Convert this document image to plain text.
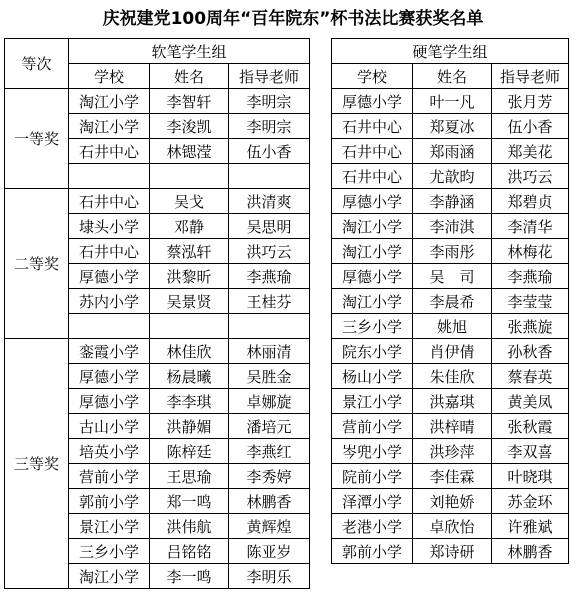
庆祝建党100周年“百年院东”杯书法比赛获奖名单
等次	软笔学生组		
	学校	姓名	指导老师
一等奖	淘江小学	李智轩	李明宗
	淘江小学	李浚凯	李明宗
	石井中心	林锶滢	伍小香

二等奖	石井中心	吴戈	洪清爽
	埭头小学	邓静	吴思明
	石井中心	蔡泓轩	洪巧云
	厚德小学	洪黎昕	李燕瑜
	苏内小学	吴景贤	王桂芬

三等奖	銮霞小学	林佳欣	林丽清
	厚德小学	杨晨曦	吴胜金
	厚德小学	李李琪	卓娜旋
	古山小学	洪静媚	潘培元
	培英小学	陈梓廷	李燕红
	营前小学	王思瑜	李秀婷
	郭前小学	郑一鸣	林鹏香
	景江小学	洪伟航	黄辉煌
	三乡小学	吕铭铭	陈亚岁
	淘江小学	李一鸣	李明乐
硬笔学生组		
学校	姓名	指导老师
厚德小学	叶一凡	张月芳
石井中心	郑夏冰	伍小香
石井中心	郑雨涵	郑美花
石井中心	尤歆昀	洪巧云
厚德小学	李静涵	郑碧贞
淘江小学	李沛淇	李清华
淘江小学	李雨彤	林梅花
厚德小学	吴　司	李燕瑜
淘江小学	李晨希	李莹莹
三乡小学	姚旭	张燕旋
院东小学	肖伊倩	孙秋香
杨山小学	朱佳欣	蔡春英
景江小学	洪嘉琪	黄美凤
营前小学	洪梓晴	张秋霞
岑兜小学	洪珍萍	李双喜
院前小学	李佳霖	叶晓琪
泽潭小学	刘艳娇	苏金环
老港小学	卓欣怡	许雅斌
郭前小学	郑诗研	林鹏香
